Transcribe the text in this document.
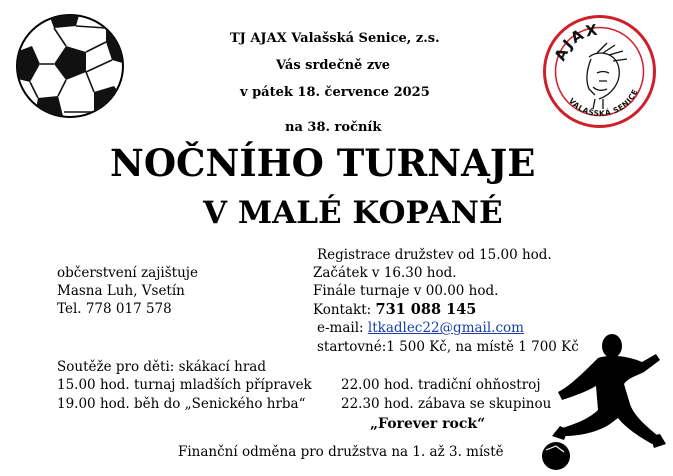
AJAX
VALAŠSKÁ SENICE
TJ AJAX Valašská Senice, z.s.
Vás srdečně zve
v pátek 18. července 2025
na 38. ročník
NOČNÍHO TURNAJE
V MALÉ KOPANÉ
Registrace družstev od 15.00 hod.
Začátek v 16.30 hod.
Finále turnaje v 00.00 hod.
Kontakt: 731 088 145
e-mail: ltkadlec22@gmail.com
startovné:1 500 Kč, na místě 1 700 Kč
občerstvení zajištuje
Masna Luh, Vsetín
Tel. 778 017 578
Soutěže pro děti: skákací hrad
15.00 hod. turnaj mladších přípravek
19.00 hod. běh do „Senického hrba“
22.00 hod. tradiční ohňostroj
22.30 hod. zábava se skupinou
„Forever rock“
Finanční odměna pro družstva na 1. až 3. místě
